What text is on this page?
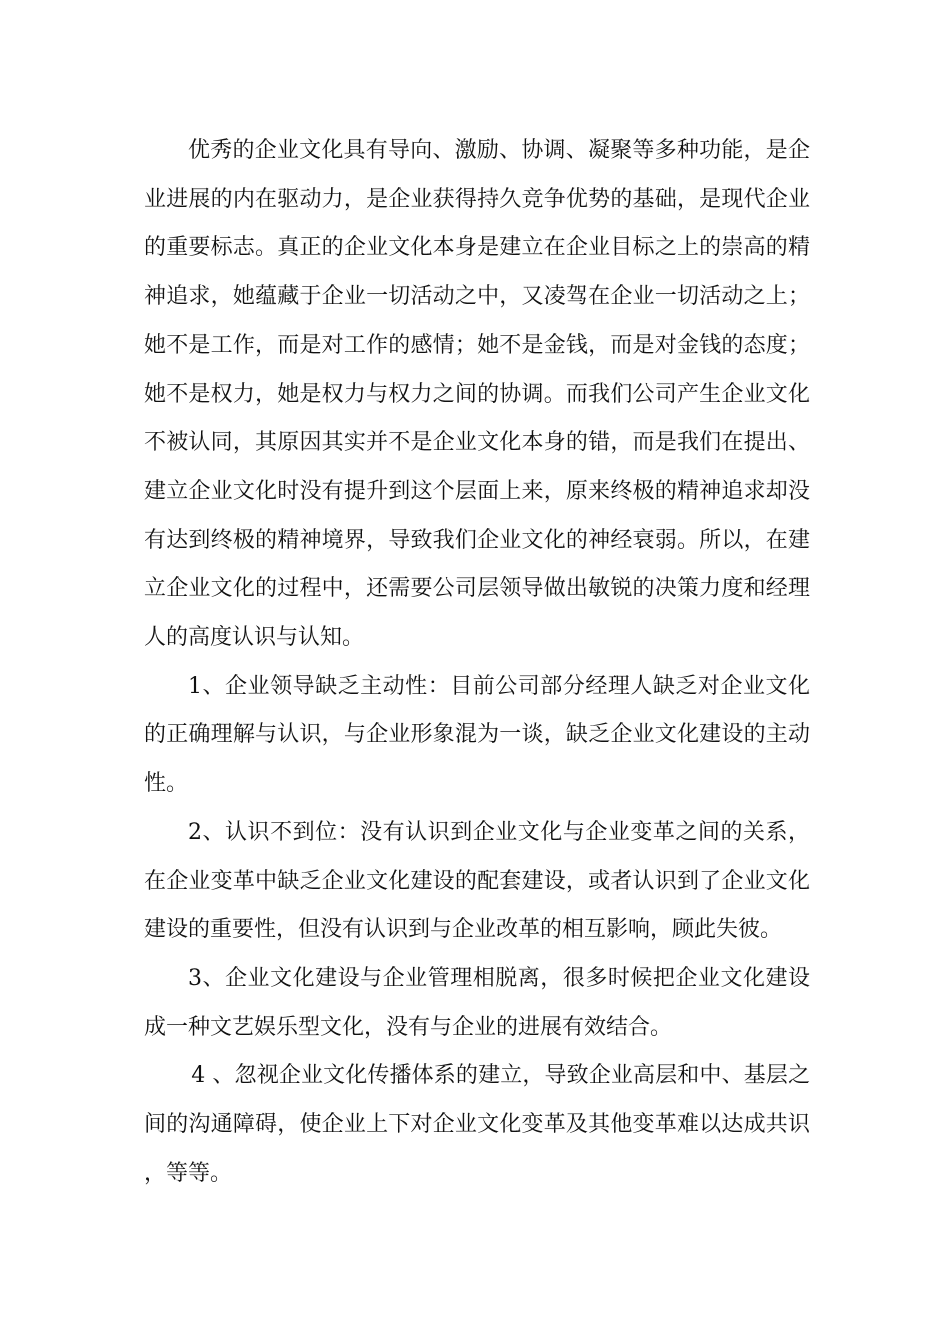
优秀的企业文化具有导向、激励、协调、凝聚等多种功能，是企业进展的内在驱动力，是企业获得持久竞争优势的基础，是现代企业的重要标志。真正的企业文化本身是建立在企业目标之上的崇高的精神追求，她蕴藏于企业一切活动之中，又凌驾在企业一切活动之上；她不是工作，而是对工作的感情；她不是金钱，而是对金钱的态度；她不是权力，她是权力与权力之间的协调。而我们公司产生企业文化不被认同，其原因其实并不是企业文化本身的错，而是我们在提出、建立企业文化时没有提升到这个层面上来，原来终极的精神追求却没有达到终极的精神境界，导致我们企业文化的神经衰弱。所以，在建立企业文化的过程中，还需要公司层领导做出敏锐的决策力度和经理人的高度认识与认知。

1、企业领导缺乏主动性：目前公司部分经理人缺乏对企业文化的正确理解与认识，与企业形象混为一谈，缺乏企业文化建设的主动性。

2、认识不到位：没有认识到企业文化与企业变革之间的关系，在企业变革中缺乏企业文化建设的配套建设，或者认识到了企业文化建设的重要性，但没有认识到与企业改革的相互影响，顾此失彼。

3、企业文化建设与企业管理相脱离，很多时候把企业文化建设成一种文艺娱乐型文化，没有与企业的进展有效结合。

4 、忽视企业文化传播体系的建立，导致企业高层和中、基层之间的沟通障碍，使企业上下对企业文化变革及其他变革难以达成共识，等等。
